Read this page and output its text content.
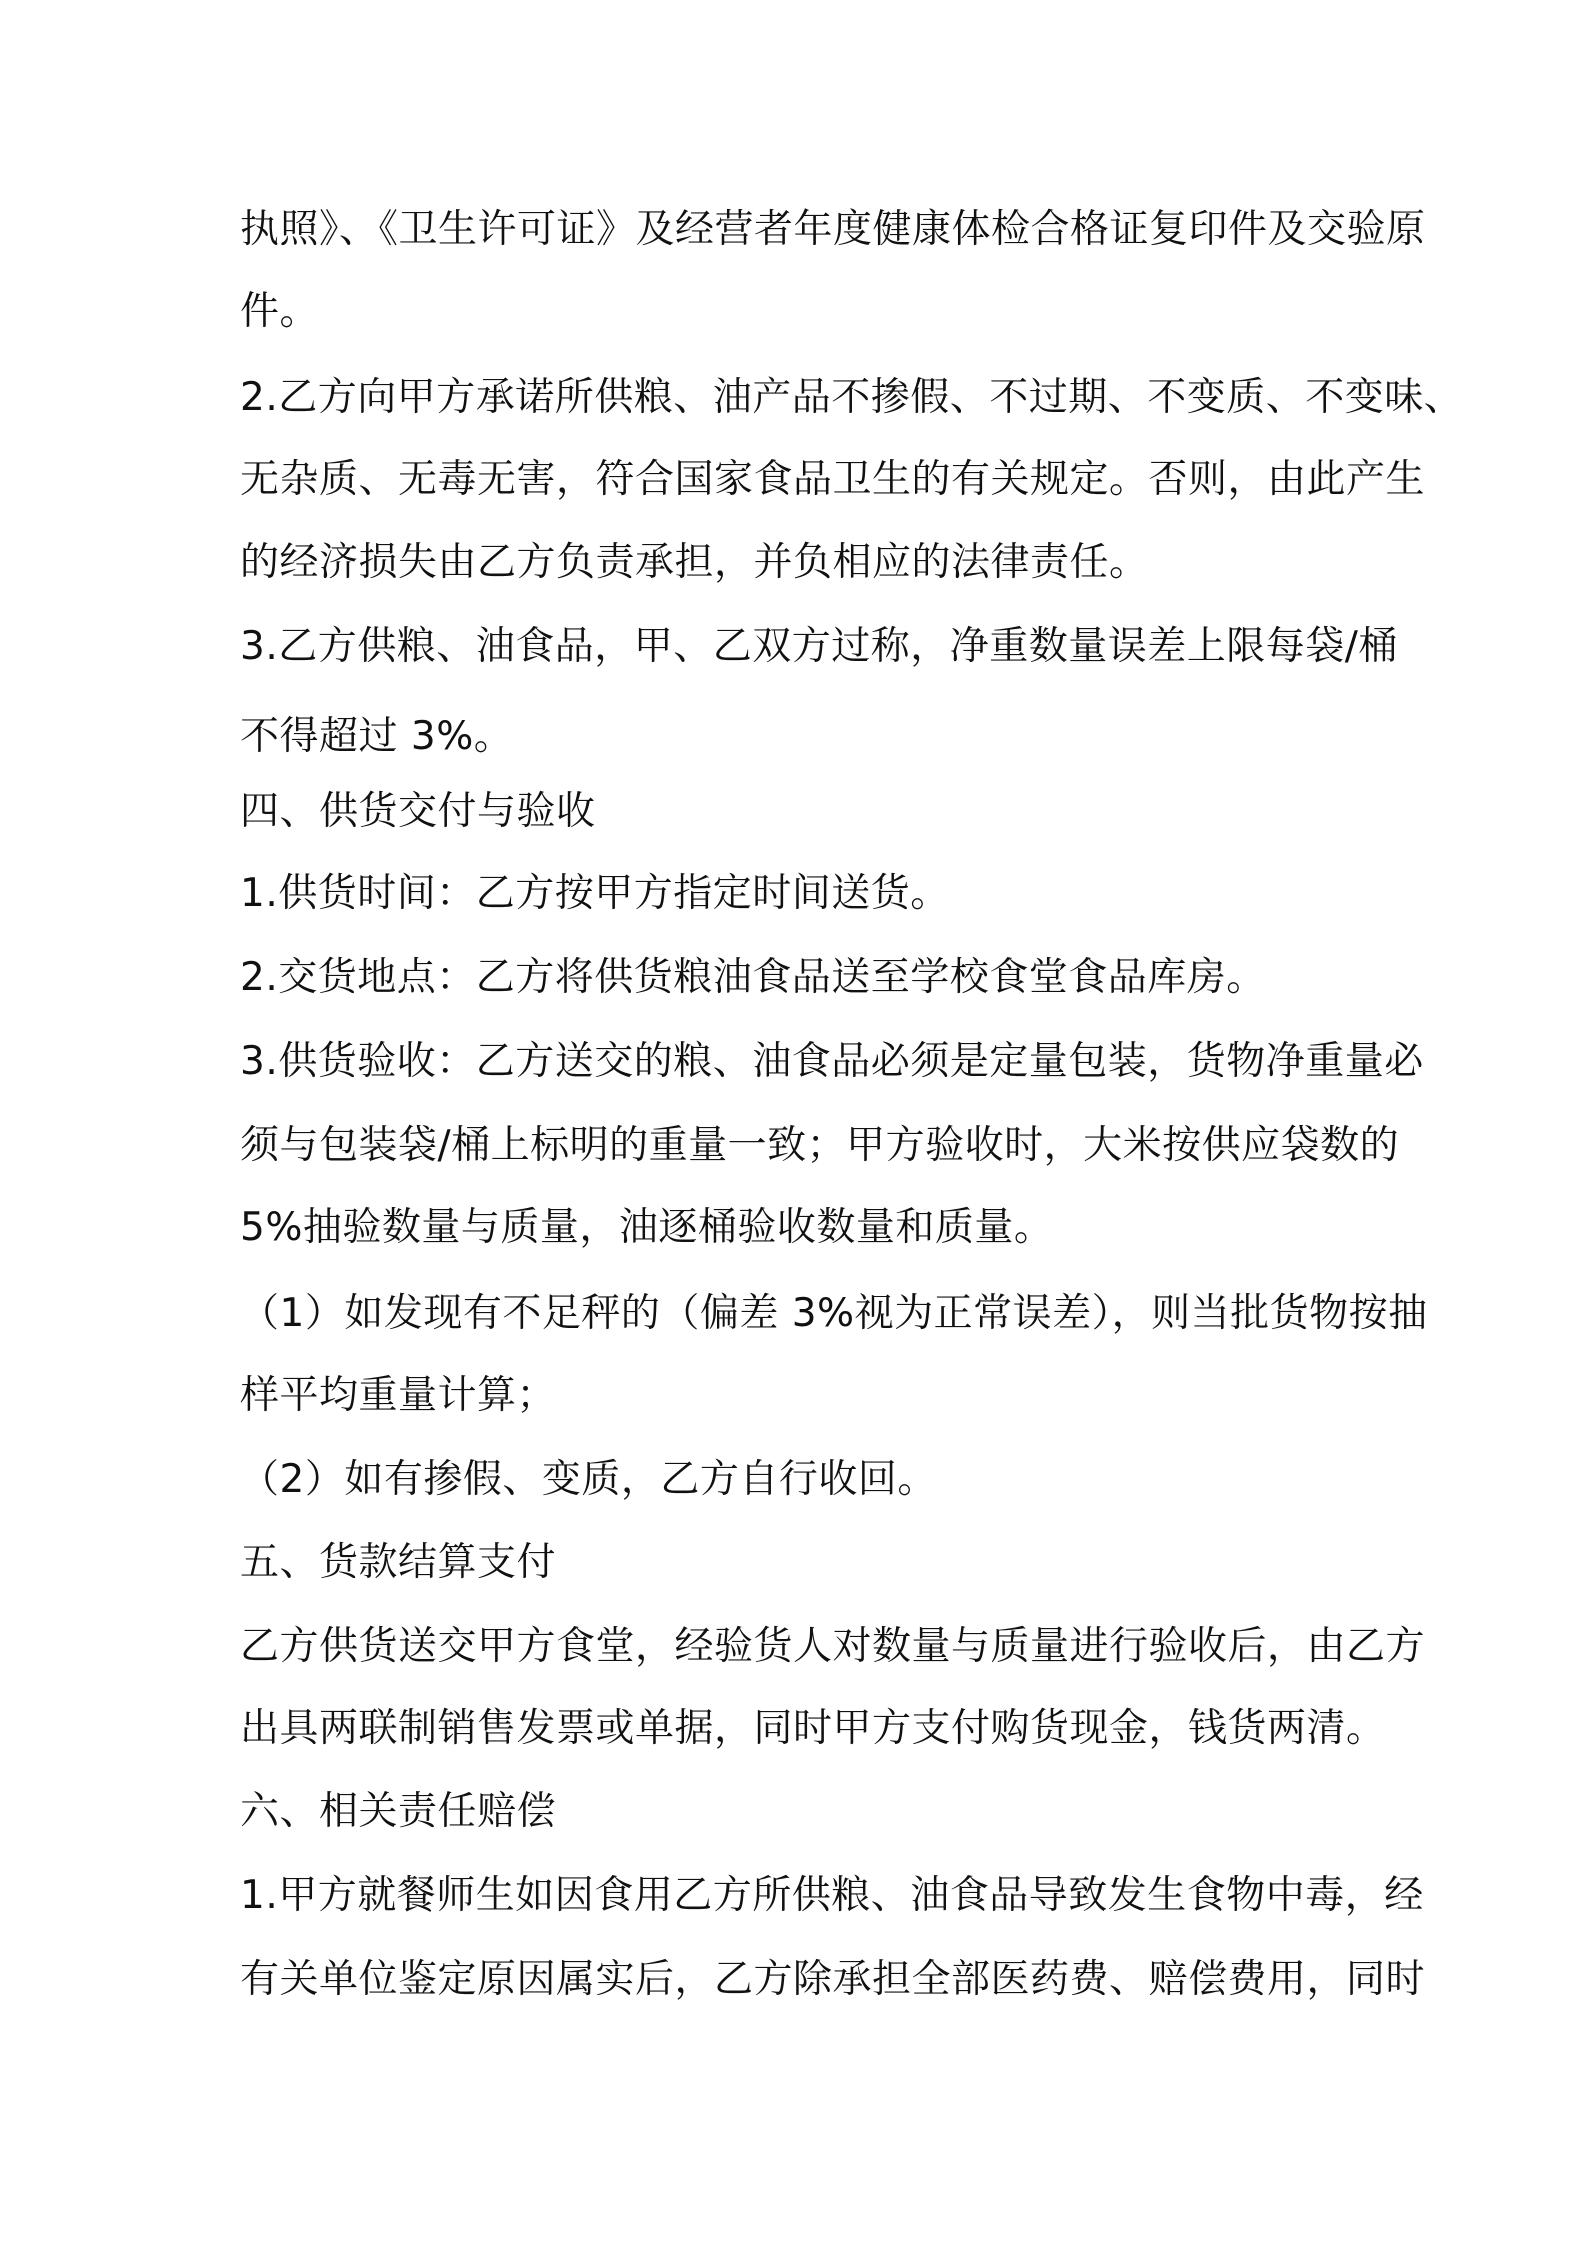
执照》、《卫生许可证》及经营者年度健康体检合格证复印件及交验原
件。
2.乙方向甲方承诺所供粮、油产品不掺假、不过期、不变质、不变味、
无杂质、无毒无害，符合国家食品卫生的有关规定。否则，由此产生
的经济损失由乙方负责承担，并负相应的法律责任。
3.乙方供粮、油食品，甲、乙双方过称，净重数量误差上限每袋/桶
不得超过 3%。
四、供货交付与验收
1.供货时间：乙方按甲方指定时间送货。
2.交货地点：乙方将供货粮油食品送至学校食堂食品库房。
3.供货验收：乙方送交的粮、油食品必须是定量包装，货物净重量必
须与包装袋/桶上标明的重量一致；甲方验收时，大米按供应袋数的
5%抽验数量与质量，油逐桶验收数量和质量。
（1）如发现有不足秤的（偏差 3%视为正常误差），则当批货物按抽
样平均重量计算；
（2）如有掺假、变质，乙方自行收回。
五、货款结算支付
乙方供货送交甲方食堂，经验货人对数量与质量进行验收后，由乙方
出具两联制销售发票或单据，同时甲方支付购货现金，钱货两清。
六、相关责任赔偿
1.甲方就餐师生如因食用乙方所供粮、油食品导致发生食物中毒，经
有关单位鉴定原因属实后，乙方除承担全部医药费、赔偿费用，同时
